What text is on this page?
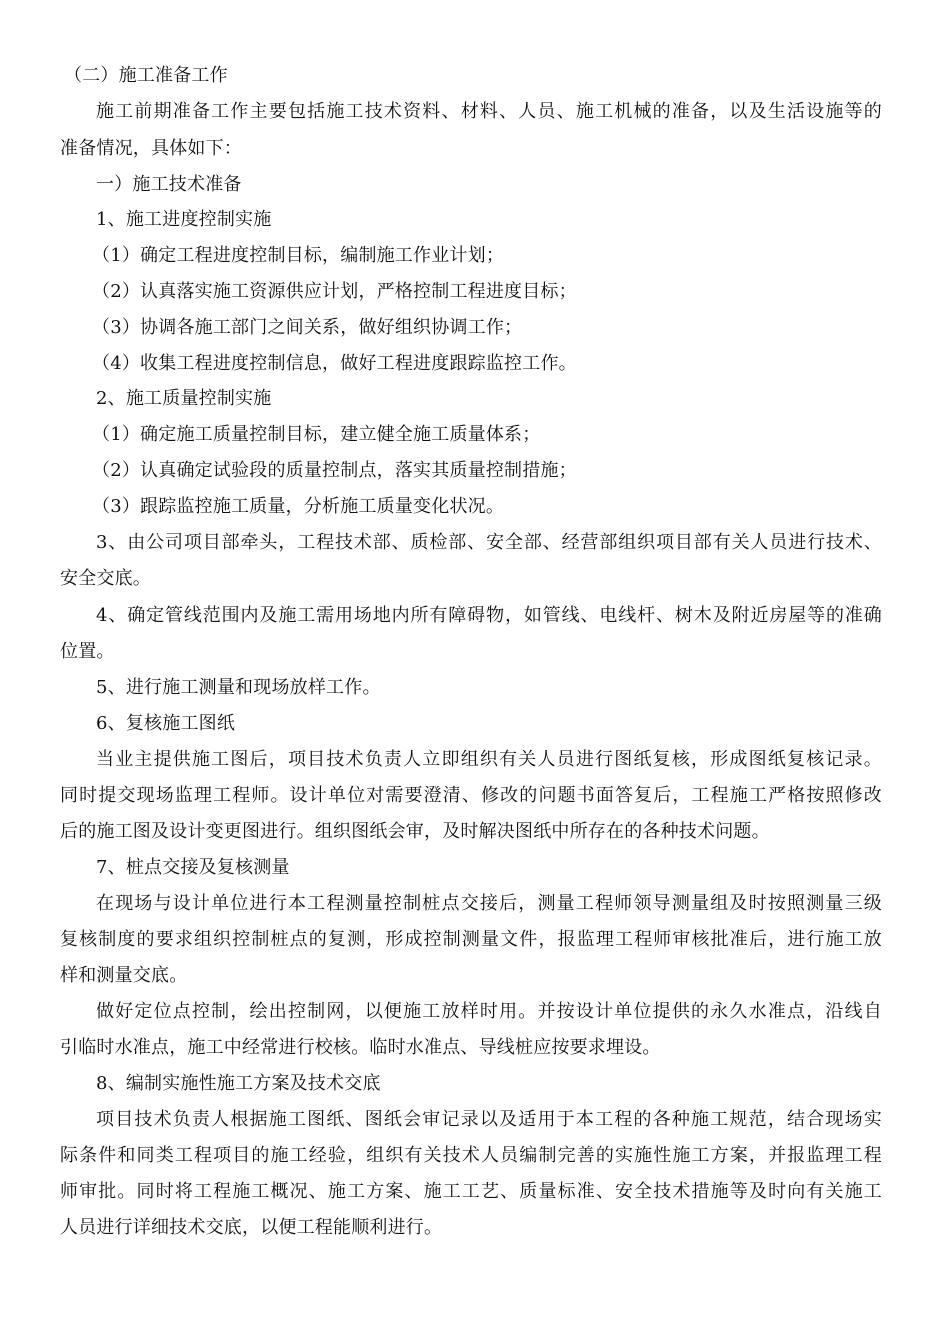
（二）施工准备工作
施工前期准备工作主要包括施工技术资料、材料、人员、施工机械的准备，以及生活设施等的
准备情况，具体如下：
一）施工技术准备
1、施工进度控制实施
（1）确定工程进度控制目标，编制施工作业计划；
（2）认真落实施工资源供应计划，严格控制工程进度目标；
（3）协调各施工部门之间关系，做好组织协调工作；
（4）收集工程进度控制信息，做好工程进度跟踪监控工作。
2、施工质量控制实施
（1）确定施工质量控制目标，建立健全施工质量体系；
（2）认真确定试验段的质量控制点，落实其质量控制措施；
（3）跟踪监控施工质量，分析施工质量变化状况。
3、由公司项目部牵头，工程技术部、质检部、安全部、经营部组织项目部有关人员进行技术、
安全交底。
4、确定管线范围内及施工需用场地内所有障碍物，如管线、电线杆、树木及附近房屋等的准确
位置。
5、进行施工测量和现场放样工作。
6、复核施工图纸
当业主提供施工图后，项目技术负责人立即组织有关人员进行图纸复核，形成图纸复核记录。
同时提交现场监理工程师。设计单位对需要澄清、修改的问题书面答复后，工程施工严格按照修改
后的施工图及设计变更图进行。组织图纸会审，及时解决图纸中所存在的各种技术问题。
7、桩点交接及复核测量
在现场与设计单位进行本工程测量控制桩点交接后，测量工程师领导测量组及时按照测量三级
复核制度的要求组织控制桩点的复测，形成控制测量文件，报监理工程师审核批准后，进行施工放
样和测量交底。
做好定位点控制，绘出控制网，以便施工放样时用。并按设计单位提供的永久水准点，沿线自
引临时水准点，施工中经常进行校核。临时水准点、导线桩应按要求埋设。
8、编制实施性施工方案及技术交底
项目技术负责人根据施工图纸、图纸会审记录以及适用于本工程的各种施工规范，结合现场实
际条件和同类工程项目的施工经验，组织有关技术人员编制完善的实施性施工方案，并报监理工程
师审批。同时将工程施工概况、施工方案、施工工艺、质量标准、安全技术措施等及时向有关施工
人员进行详细技术交底，以便工程能顺利进行。
